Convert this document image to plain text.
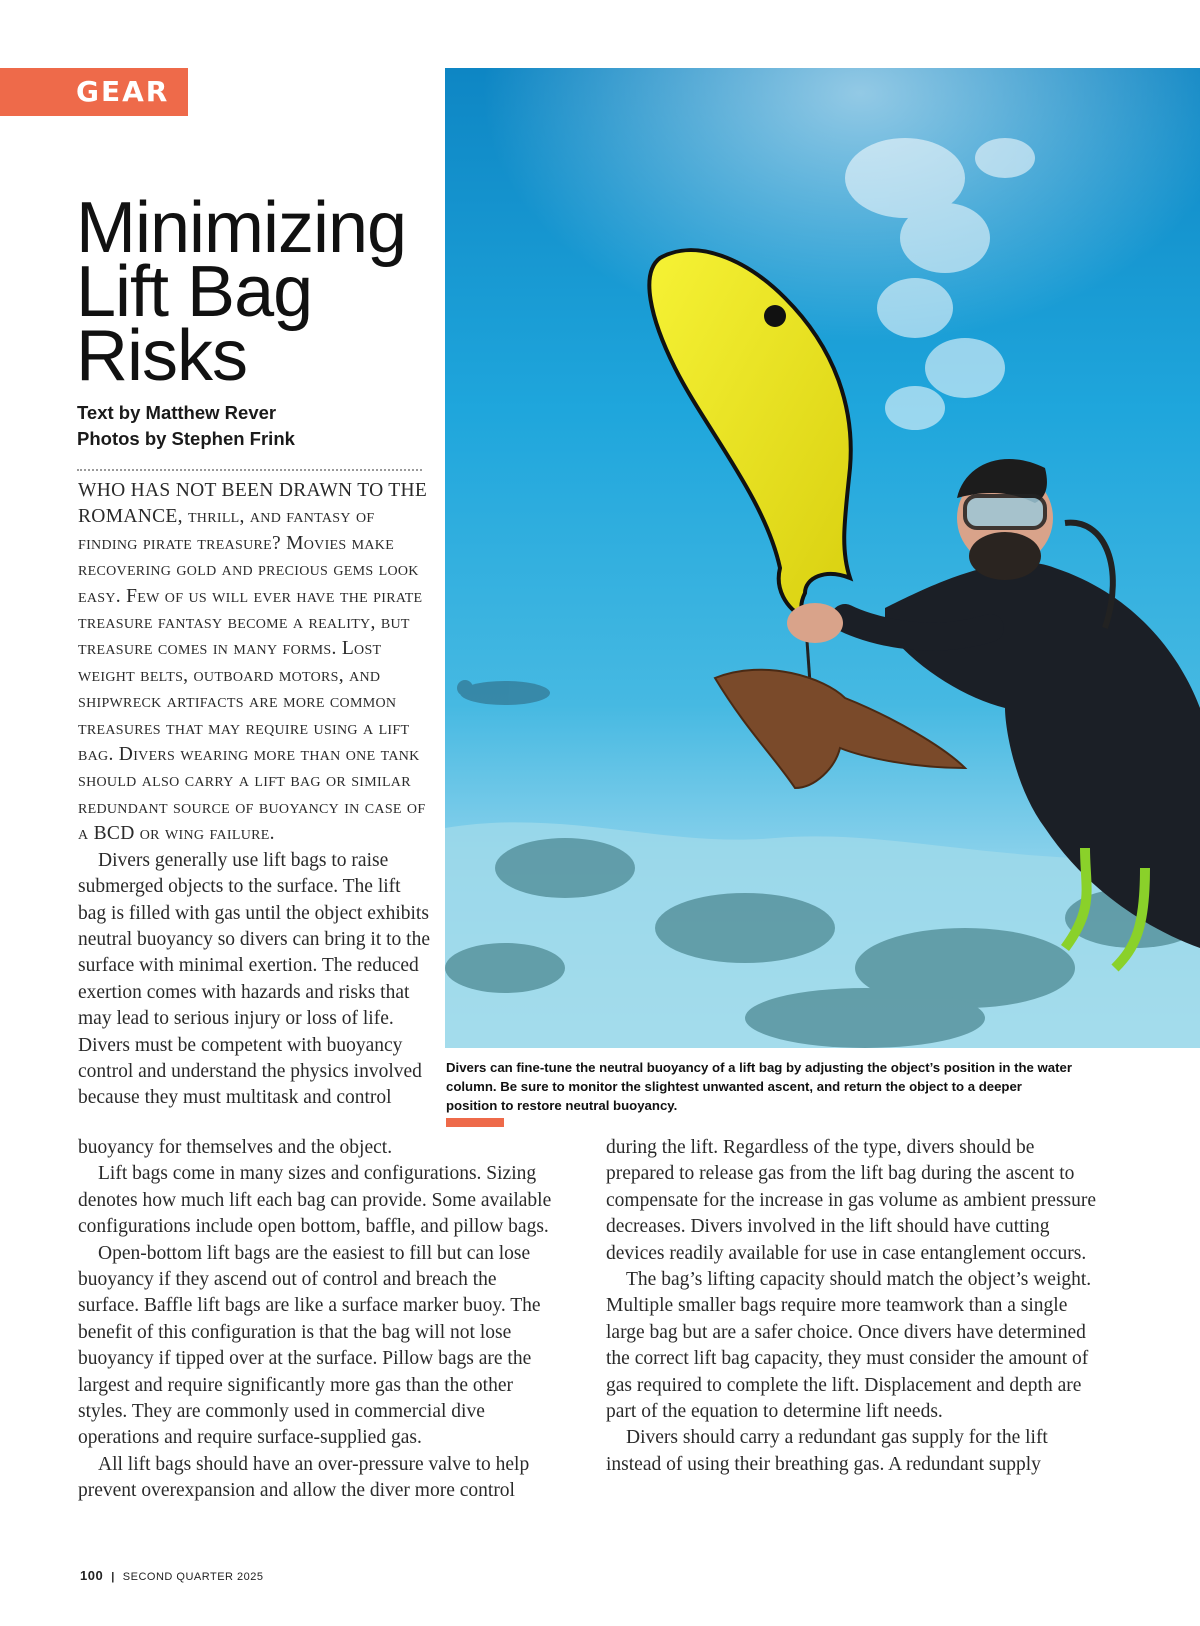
GEAR
Minimizing
Lift Bag
Risks
Text by Matthew Rever
Photos by Stephen Frink

Divers can fine-tune the neutral buoyancy of a lift bag by adjusting the object’s position in the water column. Be sure to monitor the slightest unwanted ascent, and return the object to a deeper position to restore neutral buoyancy.

WHO HAS NOT BEEN DRAWN TO THE ROMANCE, thrill, and fantasy of finding pirate treasure? Movies make recovering gold and precious gems look easy. Few of us will ever have the pirate treasure fantasy become a reality, but treasure comes in many forms. Lost weight belts, outboard motors, and shipwreck artifacts are more common treasures that may require using a lift bag. Divers wearing more than one tank should also carry a lift bag or similar redundant source of buoyancy in case of a BCD or wing failure.

Divers generally use lift bags to raise submerged objects to the surface. The lift bag is filled with gas until the object exhibits neutral buoyancy so divers can bring it to the surface with minimal exertion. The reduced exertion comes with hazards and risks that may lead to serious injury or loss of life. Divers must be competent with buoyancy control and understand the physics involved because they must multitask and control

buoyancy for themselves and the object.

Lift bags come in many sizes and configurations. Sizing denotes how much lift each bag can provide. Some available configurations include open bottom, baffle, and pillow bags.

Open-bottom lift bags are the easiest to fill but can lose buoyancy if they ascend out of control and breach the surface. Baffle lift bags are like a surface marker buoy. The benefit of this configuration is that the bag will not lose buoyancy if tipped over at the surface. Pillow bags are the largest and require significantly more gas than the other styles. They are commonly used in commercial dive operations and require surface-supplied gas.

All lift bags should have an over-pressure valve to help prevent overexpansion and allow the diver more control

during the lift. Regardless of the type, divers should be prepared to release gas from the lift bag during the ascent to compensate for the increase in gas volume as ambient pressure decreases. Divers involved in the lift should have cutting devices readily available for use in case entanglement occurs.

The bag’s lifting capacity should match the object’s weight. Multiple smaller bags require more teamwork than a single large bag but are a safer choice. Once divers have determined the correct lift bag capacity, they must consider the amount of gas required to complete the lift. Displacement and depth are part of the equation to determine lift needs.

Divers should carry a redundant gas supply for the lift instead of using their breathing gas. A redundant supply

100 | SECOND QUARTER 2025
